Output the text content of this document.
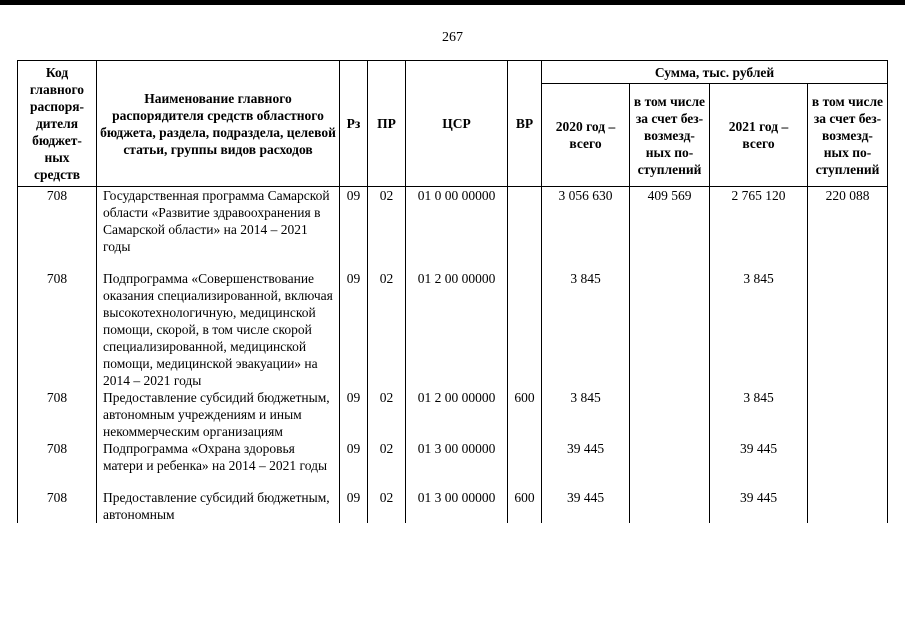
267
Код главного распоря-дителя бюджет-ных средств	Наименование главного распорядителя средств областного бюджета, раздела, подраздела, целевой статьи, группы видов расходов	Рз	ПР	ЦСР	ВР	Сумма, тыс. рублей			
						2020 год – всего	в том числе за счет без-возмезд-ных по-ступлений	2021 год – всего	в том числе за счет без-возмезд-ных по-ступлений
708	Государственная программа Самарской области «Развитие здравоохранения в Самарской области» на 2014 – 2021 годы	09	02	01 0 00 00000		3 056 630	409 569	2 765 120	220 088
708	Подпрограмма «Совершенствование оказания специализированной, включая высокотехнологичную, медицинской помощи, скорой, в том числе скорой специализированной, медицинской помощи, медицинской эвакуации» на 2014 – 2021 годы	09	02	01 2 00 00000		3 845		3 845	
708	Предоставление субсидий бюджетным, автономным учреждениям и иным некоммерческим организациям	09	02	01 2 00 00000	600	3 845		3 845	
708	Подпрограмма «Охрана здоровья матери и ребенка» на 2014 – 2021 годы	09	02	01 3 00 00000		39 445		39 445	
708	Предоставление субсидий бюджетным, автономным	09	02	01 3 00 00000	600	39 445		39 445	
